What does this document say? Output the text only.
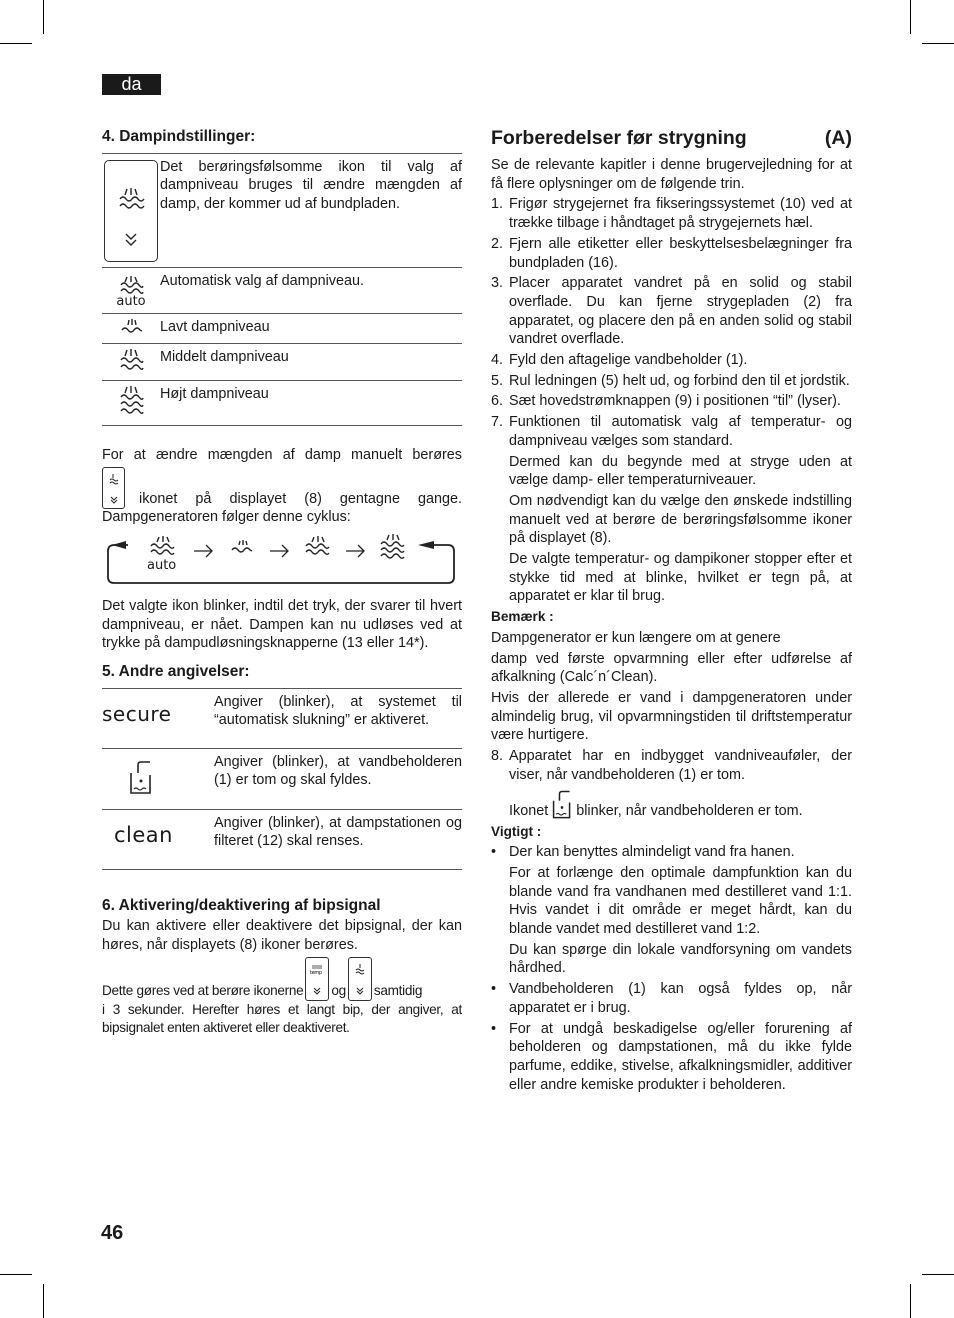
da
46
4. Dampindstillinger:
	Det berøringsfølsomme ikon til valg af dampniveau bruges til ændre mængden af damp, der kommer ud af bundpladen.

auto	Automatisk valg af dampniveau.
	Lavt dampniveau
	Middelt dampniveau
	Højt dampniveau

For at ændre mængden af damp manuelt berøres

ikonet på displayet (8) gentagne gange. Dampgeneratoren følger denne cyklus:

auto

Det valgte ikon blinker, indtil det tryk, der svarer til hvert dampniveau, er nået. Dampen kan nu udløses ved at trykke på dampudløsningsknapperne (13 eller 14*).

5. Andre angivelser:
secure	Angiver (blinker), at systemet til “automatisk slukning” er aktiveret.
	Angiver (blinker), at vandbeholderen (1) er tom og skal fyldes.
clean	Angiver (blinker), at dampstationen og filteret (12) skal renses.
6. Aktivering/deaktivering af bipsignal

Du kan aktivere eller deaktivere det bipsignal, der kan høres, når displayets (8) ikoner berøres.

Dette gøres ved at berøre ikonerne
temp
og samtidig
i 3 sekunder. Herefter høres et langt bip, der angiver, at bipsignalet enten aktiveret eller deaktiveret.
Forberedelser før strygning	(A)

Se de relevante kapitler i denne brugervejledning for at få flere oplysninger om de følgende trin.

1. Frigør strygejernet fra fikseringssystemet (10) ved at trække tilbage i håndtaget på strygejernets hæl.
2. Fjern alle etiketter eller beskyttelsesbelægninger fra bundpladen (16).
3. Placer apparatet vandret på en solid og stabil overflade. Du kan fjerne strygepladen (2) fra apparatet, og placere den på en anden solid og stabil vandret overflade.
4. Fyld den aftagelige vandbeholder (1).
5. Rul ledningen (5) helt ud, og forbind den til et jordstik.
6. Sæt hovedstrømknappen (9) i positionen “til” (lyser).
7. Funktionen til automatisk valg af temperatur- og dampniveau vælges som standard.

Dermed kan du begynde med at stryge uden at vælge damp- eller temperaturniveauer.

Om nødvendigt kan du vælge den ønskede indstilling manuelt ved at berøre de berøringsfølsomme ikoner på displayet (8).

De valgte temperatur- og dampikoner stopper efter et stykke tid med at blinke, hvilket er tegn på, at apparatet er klar til brug.

Bemærk :

Dampgenerator er kun længere om at genere

damp ved første opvarmning eller efter udførelse af afkalkning (Calc´n´Clean).

Hvis der allerede er vand i dampgeneratoren under almindelig brug, vil opvarmningstiden til driftstemperatur være hurtigere.

8. Apparatet har en indbygget vandniveauføler, der viser, når vandbeholderen (1) er tom.
Ikonet blinker, når vandbeholderen er tom.
Vigtigt :
• Der kan benyttes almindeligt vand fra hanen.

For at forlænge den optimale dampfunktion kan du blande vand fra vandhanen med destilleret vand 1:1. Hvis vandet i dit område er meget hårdt, kan du blande vandet med destilleret vand 1:2.

Du kan spørge din lokale vandforsyning om vandets hårdhed.

• Vandbeholderen (1) kan også fyldes op, når apparatet er i brug.
• For at undgå beskadigelse og/eller forurening af beholderen og dampstationen, må du ikke fylde parfume, eddike, stivelse, afkalkningsmidler, additiver eller andre kemiske produkter i beholderen.
